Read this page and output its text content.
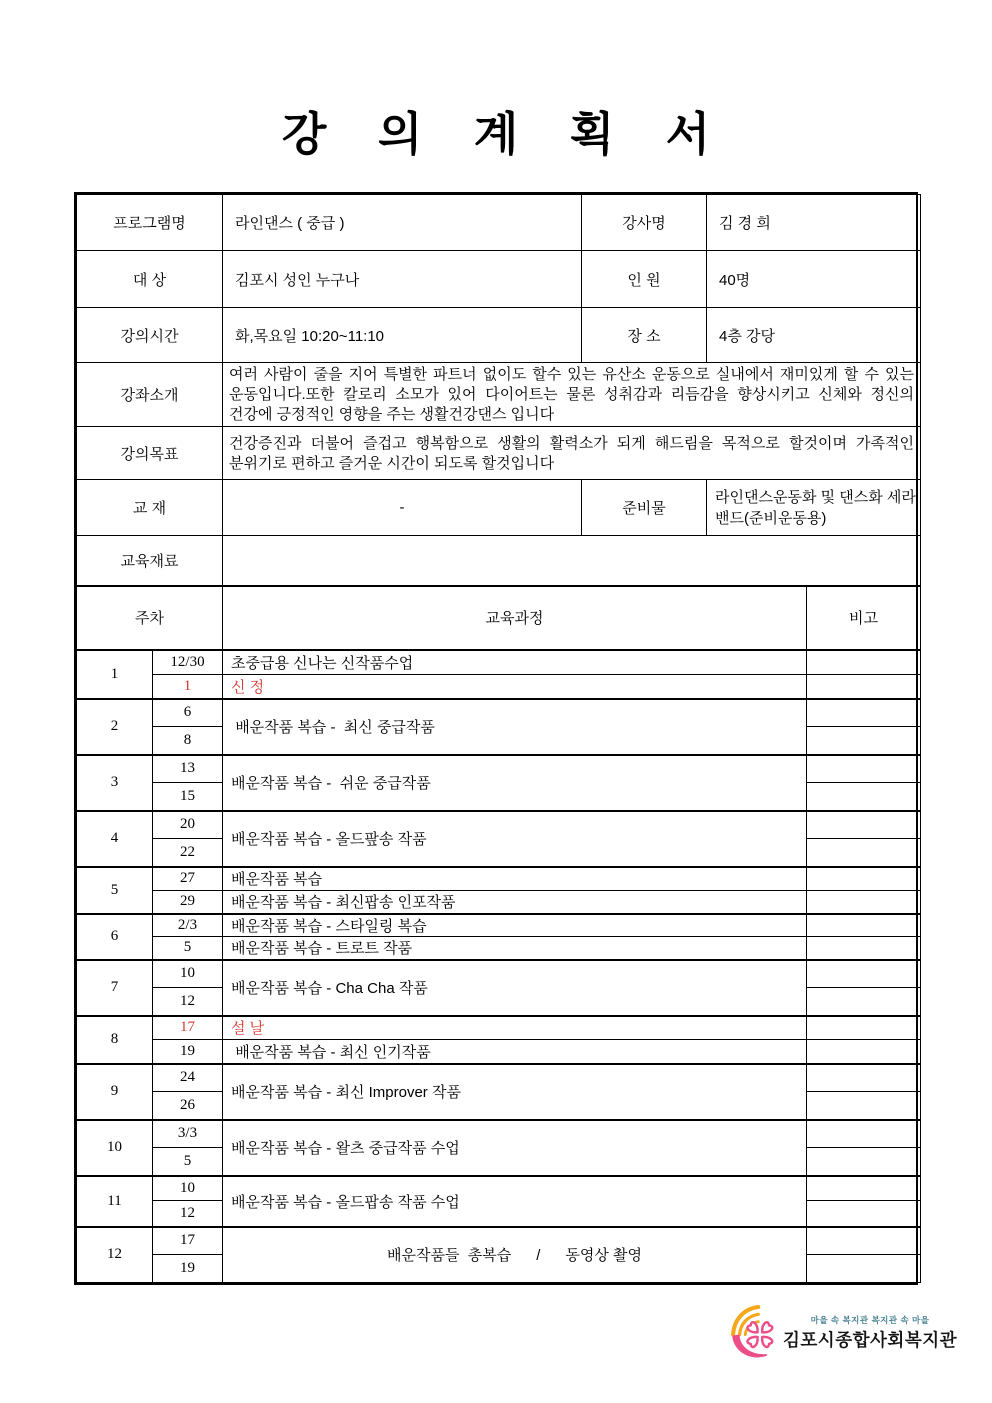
강 의 계 획 서
프로그램명	라인댄스 ( 중급 )	강사명	김 경 희
대 상	김포시 성인 누구나	인 원	40명
강의시간	화,목요일 10:20~11:10	장 소	4층 강당
강좌소개	여러 사람이 줄을 지어 특별한 파트너 없이도 할수 있는 유산소 운동으로 실내에서 재미있게 할 수 있는 운동입니다.또한 칼로리 소모가 있어 다이어트는 물론 성취감과 리듬감을 향상시키고 신체와 정신의 건강에 긍정적인 영향을 주는 생활건강댄스 입니다		
강의목표	건강증진과 더불어 즐겁고 행복함으로 생활의 활력소가 되게 해드림을 목적으로 할것이며 가족적인 분위기로 편하고 즐거운 시간이 되도록 할것입니다		
교 재	-	준비물	라인댄스운동화 및 댄스화 세라밴드(준비운동용)
교육재료			
주차		교육과정	비고
1	12/30	초중급용 신나는 신작품수업	
	1	신 정	
2	6	배운작품 복습 -  최신 중급작품	
	8		
3	13	배운작품 복습 -  쉬운 중급작품	
	15		
4	20	배운작품 복습 - 올드팦송 작품	
	22		
5	27	배운작품 복습	
	29	배운작품 복습 - 최신팝송 인포작품	
6	2/3	배운작품 복습 - 스타일링 복습	
	5	배운작품 복습 - 트로트 작품	
7	10	배운작품 복습 - Cha Cha 작품	
	12		
8	17	설 날	
	19	배운작품 복습 - 최신 인기작품	
9	24	배운작품 복습 - 최신 Improver 작품	
	26		
10	3/3	배운작품 복습 - 왈츠 중급작품 수업	
	5		
11	10	배운작품 복습 - 올드팝송 작품 수업	
	12		
12	17	배운작품들  총복습      /      동영상 촬영	
	19		
마을 속 복지관 복지관 속 마을
김포시종합사회복지관
